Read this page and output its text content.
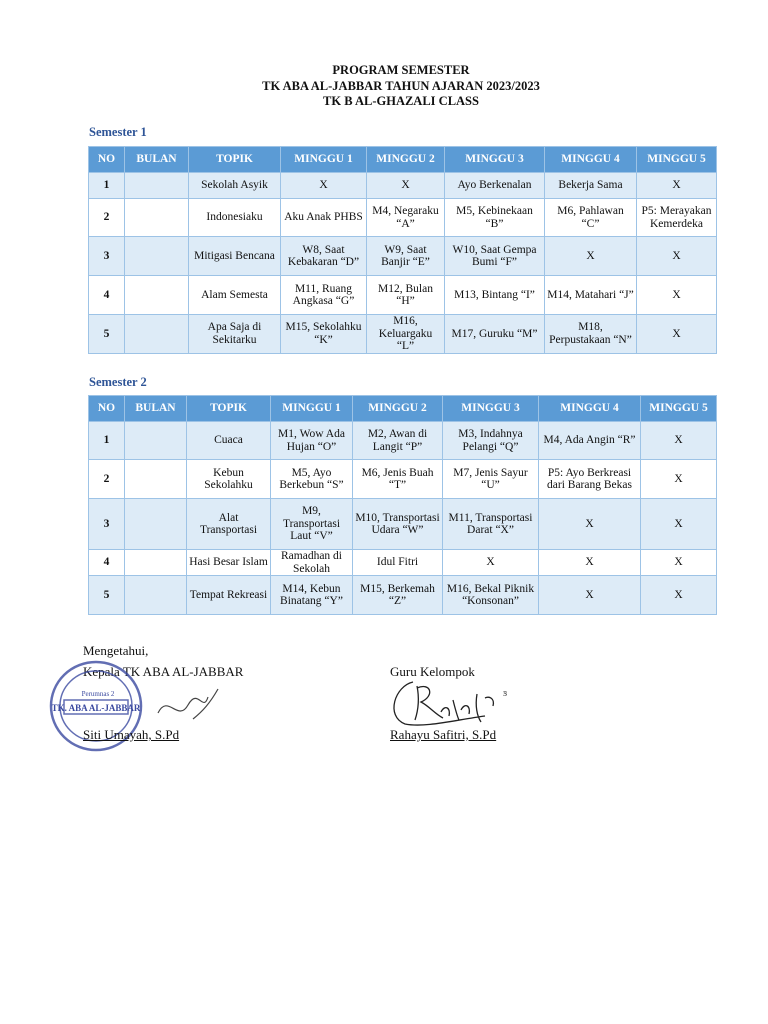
PROGRAM SEMESTER
TK ABA AL-JABBAR TAHUN AJARAN 2023/2023
TK B AL-GHAZALI CLASS
Semester 1
NO	BULAN	TOPIK	MINGGU 1	MINGGU 2	MINGGU 3	MINGGU 4	MINGGU 5
1		Sekolah Asyik	X	X	Ayo Berkenalan	Bekerja Sama	X
2		Indonesiaku	Aku Anak PHBS	M4, Negaraku “A”	M5, Kebinekaan “B”	M6, Pahlawan “C”	P5: Merayakan Kemerdeka
3		Mitigasi Bencana	W8, Saat Kebakaran “D”	W9, Saat Banjir “E”	W10, Saat Gempa Bumi “F”	X	X
4		Alam Semesta	M11, Ruang Angkasa “G”	M12, Bulan “H”	M13, Bintang “I”	M14, Matahari “J”	X
5		Apa Saja di Sekitarku	M15, Sekolahku “K”	M16, Keluargaku “L”	M17, Guruku “M”	M18, Perpustakaan “N”	X
Semester 2
NO	BULAN	TOPIK	MINGGU 1	MINGGU 2	MINGGU 3	MINGGU 4	MINGGU 5
1		Cuaca	M1, Wow Ada Hujan “O”	M2, Awan di Langit “P”	M3, Indahnya Pelangi “Q”	M4, Ada Angin “R”	X
2		Kebun Sekolahku	M5, Ayo Berkebun “S”	M6, Jenis Buah “T”	M7, Jenis Sayur “U”	P5: Ayo Berkreasi dari Barang Bekas	X
3		Alat Transportasi	M9, Transportasi Laut “V”	M10, Transportasi Udara “W”	M11, Transportasi Darat “X”	X	X
4		Hasi Besar Islam	Ramadhan di Sekolah	Idul Fitri	X	X	X
5		Tempat Rekreasi	M14, Kebun Binatang “Y”	M15, Berkemah “Z”	M16, Bekal Piknik “Konsonan”	X	X
Mengetahui,
Kepala TK ABA AL-JABBAR	Guru Kelompok
Perumnas 2
TK. ABA AL-JABBAR
ƽ
Siti Umayah, S.Pd	Rahayu Safitri, S.Pd
